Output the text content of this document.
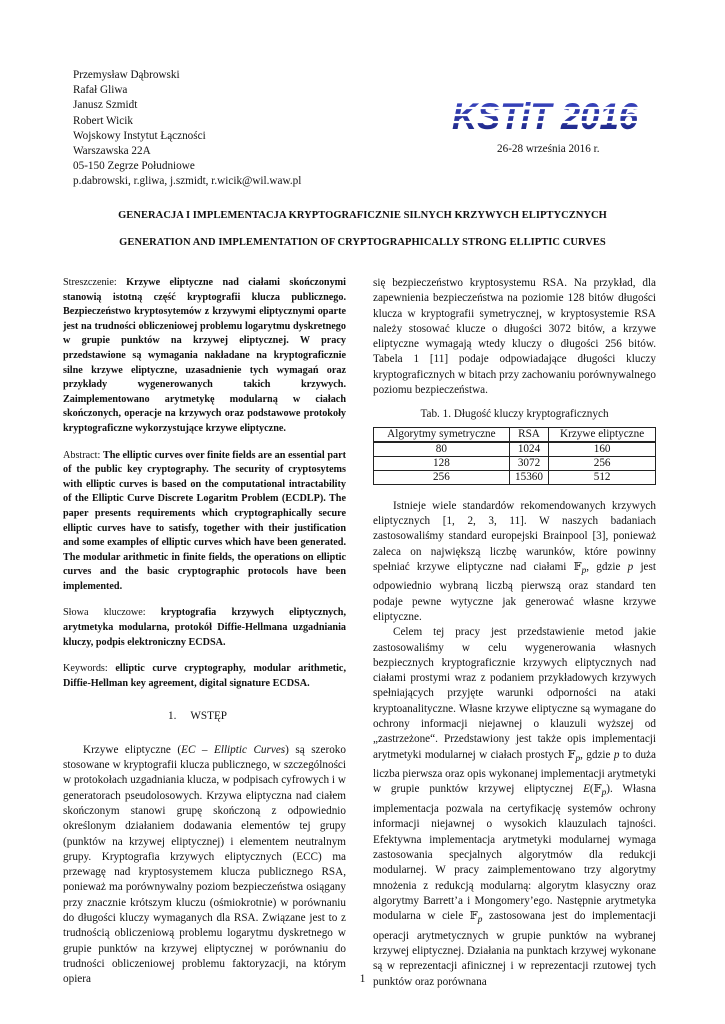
Przemysław Dąbrowski
Rafał Gliwa
Janusz Szmidt
Robert Wicik
Wojskowy Instytut Łączności
Warszawska 22A
05-150 Zegrze Południowe
p.dabrowski, r.gliwa, j.szmidt, r.wicik@wil.waw.pl
KSTiT 2016
26-28 września 2016 r.
GENERACJA I IMPLEMENTACJA KRYPTOGRAFICZNIE SILNYCH KRZYWYCH ELIPTYCZNYCH
GENERATION AND IMPLEMENTATION OF CRYPTOGRAPHICALLY STRONG ELLIPTIC CURVES
Streszczenie: Krzywe eliptyczne nad ciałami skończonymi stanowią istotną część kryptografii klucza publicznego. Bezpieczeństwo kryptosytemów z krzywymi eliptycznymi oparte jest na trudności obliczeniowej problemu logarytmu dyskretnego w grupie punktów na krzywej eliptycznej. W pracy przedstawione są wymagania nakładane na kryptograficznie silne krzywe eliptyczne, uzasadnienie tych wymagań oraz przykłady wygenerowanych takich krzywych. Zaimplementowano arytmetykę modularną w ciałach skończonych, operacje na krzywych oraz podstawowe protokoły kryptograficzne wykorzystujące krzywe eliptyczne.
Abstract: The elliptic curves over finite fields are an essential part of the public key cryptography. The security of cryptosytems with elliptic curves is based on the computational intractability of the Elliptic Curve Discrete Logaritm Problem (ECDLP). The paper presents requirements which cryptographically secure elliptic curves have to satisfy, together with their justification and some examples of elliptic curves which have been generated. The modular arithmetic in finite fields, the operations on elliptic curves and the basic cryptographic protocols have been implemented.
Słowa kluczowe: kryptografia krzywych eliptycznych, arytmetyka modularna, protokół Diffie-Hellmana uzgadniania kluczy, podpis elektroniczny ECDSA.
Keywords: elliptic curve cryptography, modular arithmetic, Diffie-Hellman key agreement, digital signature ECDSA.
1. WSTĘP

Krzywe eliptyczne (EC – Elliptic Curves) są szeroko stosowane w kryptografii klucza publicznego, w szczególności w protokołach uzgadniania klucza, w podpisach cyfrowych i w generatorach pseudolosowych. Krzywa eliptyczna nad ciałem skończonym stanowi grupę skończoną z odpowiednio określonym działaniem dodawania elementów tej grupy (punktów na krzywej eliptycznej) i elementem neutralnym grupy. Kryptografia krzywych eliptycznych (ECC) ma przewagę nad kryptosystemem klucza publicznego RSA, ponieważ ma porównywalny poziom bezpieczeństwa osiągany przy znacznie krótszym kluczu (ośmiokrotnie) w porównaniu do długości kluczy wymaganych dla RSA. Związane jest to z trudnością obliczeniową problemu logarytmu dyskretnego w grupie punktów na krzywej eliptycznej w porównaniu do trudności obliczeniowej problemu faktoryzacji, na którym opiera

się bezpieczeństwo kryptosystemu RSA. Na przykład, dla zapewnienia bezpieczeństwa na poziomie 128 bitów długości klucza w kryptografii symetrycznej, w kryptosystemie RSA należy stosować klucze o długości 3072 bitów, a krzywe eliptyczne wymagają wtedy kluczy o długości 256 bitów. Tabela 1 [11] podaje odpowiadające długości kluczy kryptograficznych w bitach przy zachowaniu porównywalnego poziomu bezpieczeństwa.

Tab. 1. Długość kluczy kryptograficznych
Algorytmy symetryczne	RSA	Krzywe eliptyczne
80	1024	160
128	3072	256
256	15360	512

Istnieje wiele standardów rekomendowanych krzywych eliptycznych [1, 2, 3, 11]. W naszych badaniach zastosowaliśmy standard europejski Brainpool [3], ponieważ zaleca on największą liczbę warunków, które powinny spełniać krzywe eliptyczne nad ciałami 𝔽$_p$, gdzie p jest odpowiednio wybraną liczbą pierwszą oraz standard ten podaje pewne wytyczne jak generować własne krzywe eliptyczne.

Celem tej pracy jest przedstawienie metod jakie zastosowaliśmy w celu wygenerowania własnych bezpiecznych kryptograficznie krzywych eliptycznych nad ciałami prostymi wraz z podaniem przykładowych krzywych spełniających przyjęte warunki odporności na ataki kryptoanalityczne. Własne krzywe eliptyczne są wymagane do ochrony informacji niejawnej o klauzuli wyższej od „zastrzeżone“. Przedstawiony jest także opis implementacji arytmetyki modularnej w ciałach prostych 𝔽$_p$, gdzie p to duża liczba pierwsza oraz opis wykonanej implementacji arytmetyki w grupie punktów krzywej eliptycznej E(𝔽$_p$). Własna implementacja pozwala na certyfikację systemów ochrony informacji niejawnej o wysokich klauzulach tajności. Efektywna implementacja arytmetyki modularnej wymaga zastosowania specjalnych algorytmów dla redukcji modularnej. W pracy zaimplementowano trzy algorytmy mnożenia z redukcją modularną: algorytm klasyczny oraz algorytmy Barrett’a i Mongomery’ego. Następnie arytmetyka modularna w ciele 𝔽$_p$ zastosowana jest do implementacji operacji arytmetycznych w grupie punktów na wybranej krzywej eliptycznej. Działania na punktach krzywej wykonane są w reprezentacji afinicznej i w reprezentacji rzutowej tych punktów oraz porównana

1
